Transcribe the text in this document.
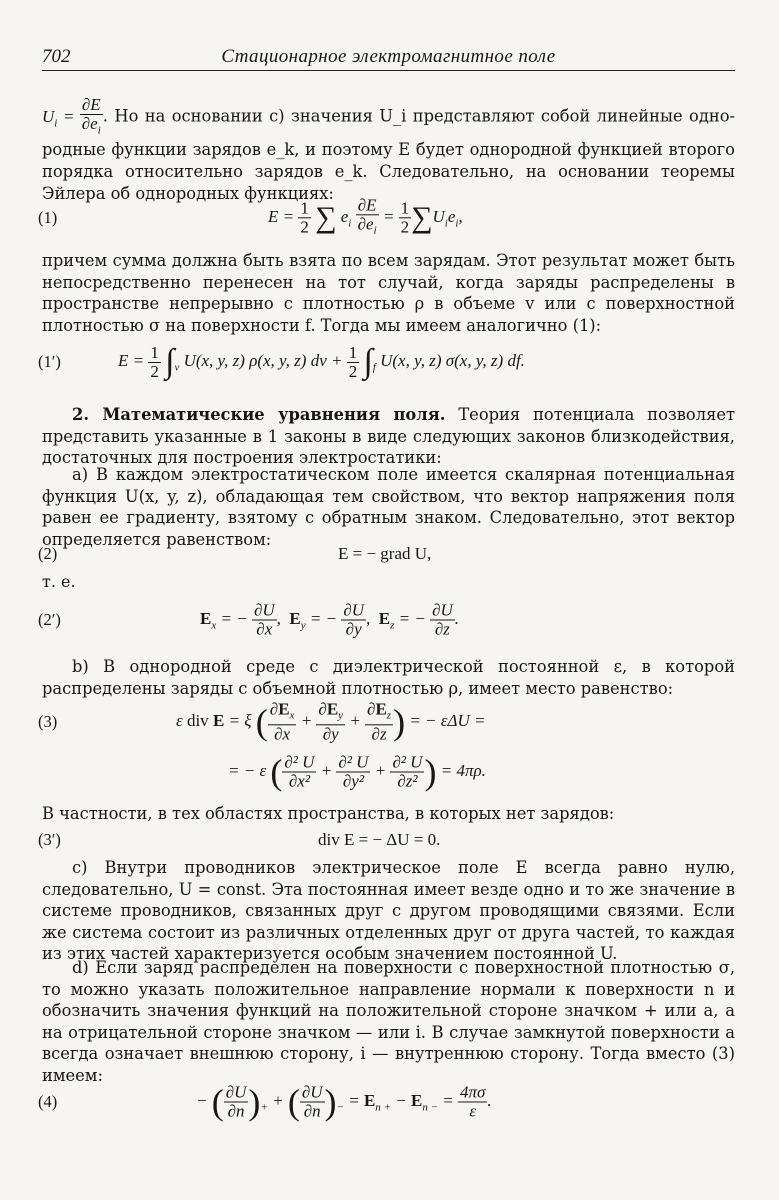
702	Стационарное электромагнитное поле
$U_i = \frac{\partial E}{\partial e_i}$ . Но на основании c) значения U_i представляют собой линейные одно-родные функции зарядов e_k, и поэтому E будет однородной функцией второго порядка относительно зарядов e_k. Следовательно, на основании теоремы Эйлера об однородных функциях:
(1)	$E = \frac{1}{2}$ ∑ $e_i \frac{\partial E}{\partial e_i} = \frac{1}{2} \sum U_ie_i$,
причем сумма должна быть взята по всем зарядам. Этот результат может быть непосредственно перенесен на тот случай, когда заряды распределены в пространстве непрерывно с плотностью ρ в объеме v или с поверхностной плотностью σ на поверхности f. Тогда мы имеем аналогично (1):
(1′)	$E = \frac{1}{2} \int_v$ U(x, y, z) ρ(x, y, z) dv + $\frac{1}{2} \int_f$ U(x, y, z) σ(x, y, z) df.
2. Математические уравнения поля. Теория потенциала позволяет представить указанные в 1 законы в виде следующих законов близкодействия, достаточных для построения электростатики:
a) В каждом электростатическом поле имеется скалярная потенциальная функция U(x, y, z), обладающая тем свойством, что вектор напряжения поля равен ее градиенту, взятому с обратным знаком. Следовательно, этот вектор определяется равенством:
(2)	E = − grad U,
т. е.
(2′)	$E_x$ = − $\frac{\partial U}{\partial x}$ ,  $E_y$ = − $\frac{\partial U}{\partial y}$ ,  $E_z$ = − $\frac{\partial U}{\partial z}$ .
b) В однородной среде с диэлектрической постоянной ε, в которой распределены заряды с объемной плотностью ρ, имеет место равенство:
(3)	ε div E = ξ ( $\frac{\partial E_x}{\partial x} + \frac{\partial E_y}{\partial y} + \frac{\partial E_z}{\partial z}$ ) = − εΔU =
= − ε ( $\frac{\text{∂² U}}{\text{∂x²}} + \frac{\text{∂² U}}{\text{∂y²}} + \frac{\text{∂² U}}{\text{∂z²}}$ ) = 4πρ.
В частности, в тех областях пространства, в которых нет зарядов:
(3′)	div E = − ΔU = 0.
c) Внутри проводников электрическое поле E всегда равно нулю, следовательно, U = const. Эта постоянная имеет везде одно и то же значение в системе проводников, связанных друг с другом проводящими связями. Если же система состоит из различных отделенных друг от друга частей, то каждая из этих частей характеризуется особым значением постоянной U.
d) Если заряд распределен на поверхности с поверхностной плотностью σ, то можно указать положительное направление нормали к поверхности n и обозначить значения функций на положительной стороне значком + или a, а на отрицательной стороне значком — или i. В случае замкнутой поверхности a всегда означает внешнюю сторону, i — внутреннюю сторону. Тогда вместо (3) имеем:
(4)	− ( $\frac{\partial U}{\partial n} )_+$ + ( $\frac{\partial U}{\partial n} )_- = E_{n +} - E_{n -} = \frac{4\pi\sigma}{\varepsilon}$ .
